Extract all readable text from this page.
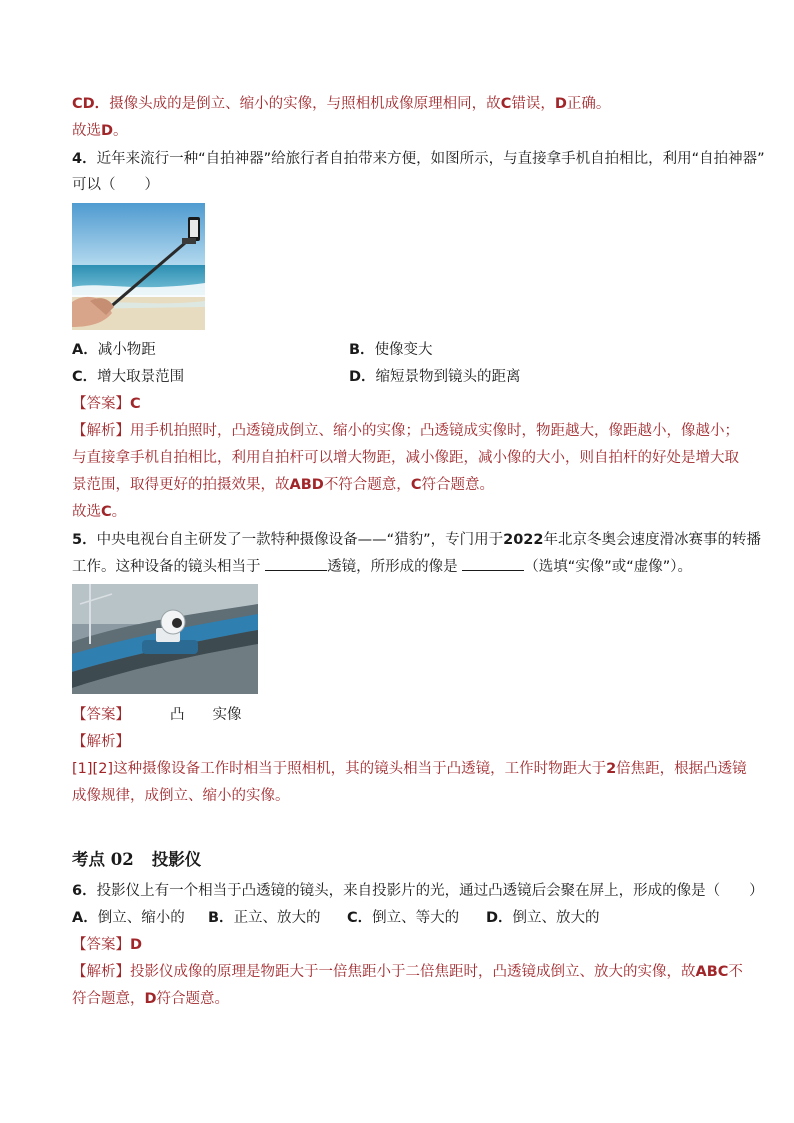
CD．摄像头成的是倒立、缩小的实像，与照相机成像原理相同，故C错误，D正确。
故选D。
4．近年来流行一种“自拍神器”给旅行者自拍带来方便，如图所示，与直接拿手机自拍相比，利用“自拍神器”
可以（　　）
A．减小物距	B．使像变大
C．增大取景范围	D．缩短景物到镜头的距离
【答案】C
【解析】用手机拍照时，凸透镜成倒立、缩小的实像；凸透镜成实像时，物距越大，像距越小，像越小；
与直接拿手机自拍相比，利用自拍杆可以增大物距，减小像距，减小像的大小，则自拍杆的好处是增大取
景范围，取得更好的拍摄效果，故ABD不符合题意，C符合题意。
故选C。
5．中央电视台自主研发了一款特种摄像设备——“猎豹”，专门用于2022年北京冬奥会速度滑冰赛事的转播
工作。这种设备的镜头相当于	透镜，所形成的像是	（选填“实像”或“虚像”）。
【答案】	凸 实像
【解析】
[1][2]这种摄像设备工作时相当于照相机，其的镜头相当于凸透镜，工作时物距大于2倍焦距，根据凸透镜
成像规律，成倒立、缩小的实像。
考点 02 投影仪
6．投影仪上有一个相当于凸透镜的镜头，来自投影片的光，通过凸透镜后会聚在屏上，形成的像是（　　）
A．倒立、缩小的 B．正立、放大的 C．倒立、等大的 D．倒立、放大的
【答案】D
【解析】投影仪成像的原理是物距大于一倍焦距小于二倍焦距时，凸透镜成倒立、放大的实像，故ABC不
符合题意，D符合题意。
